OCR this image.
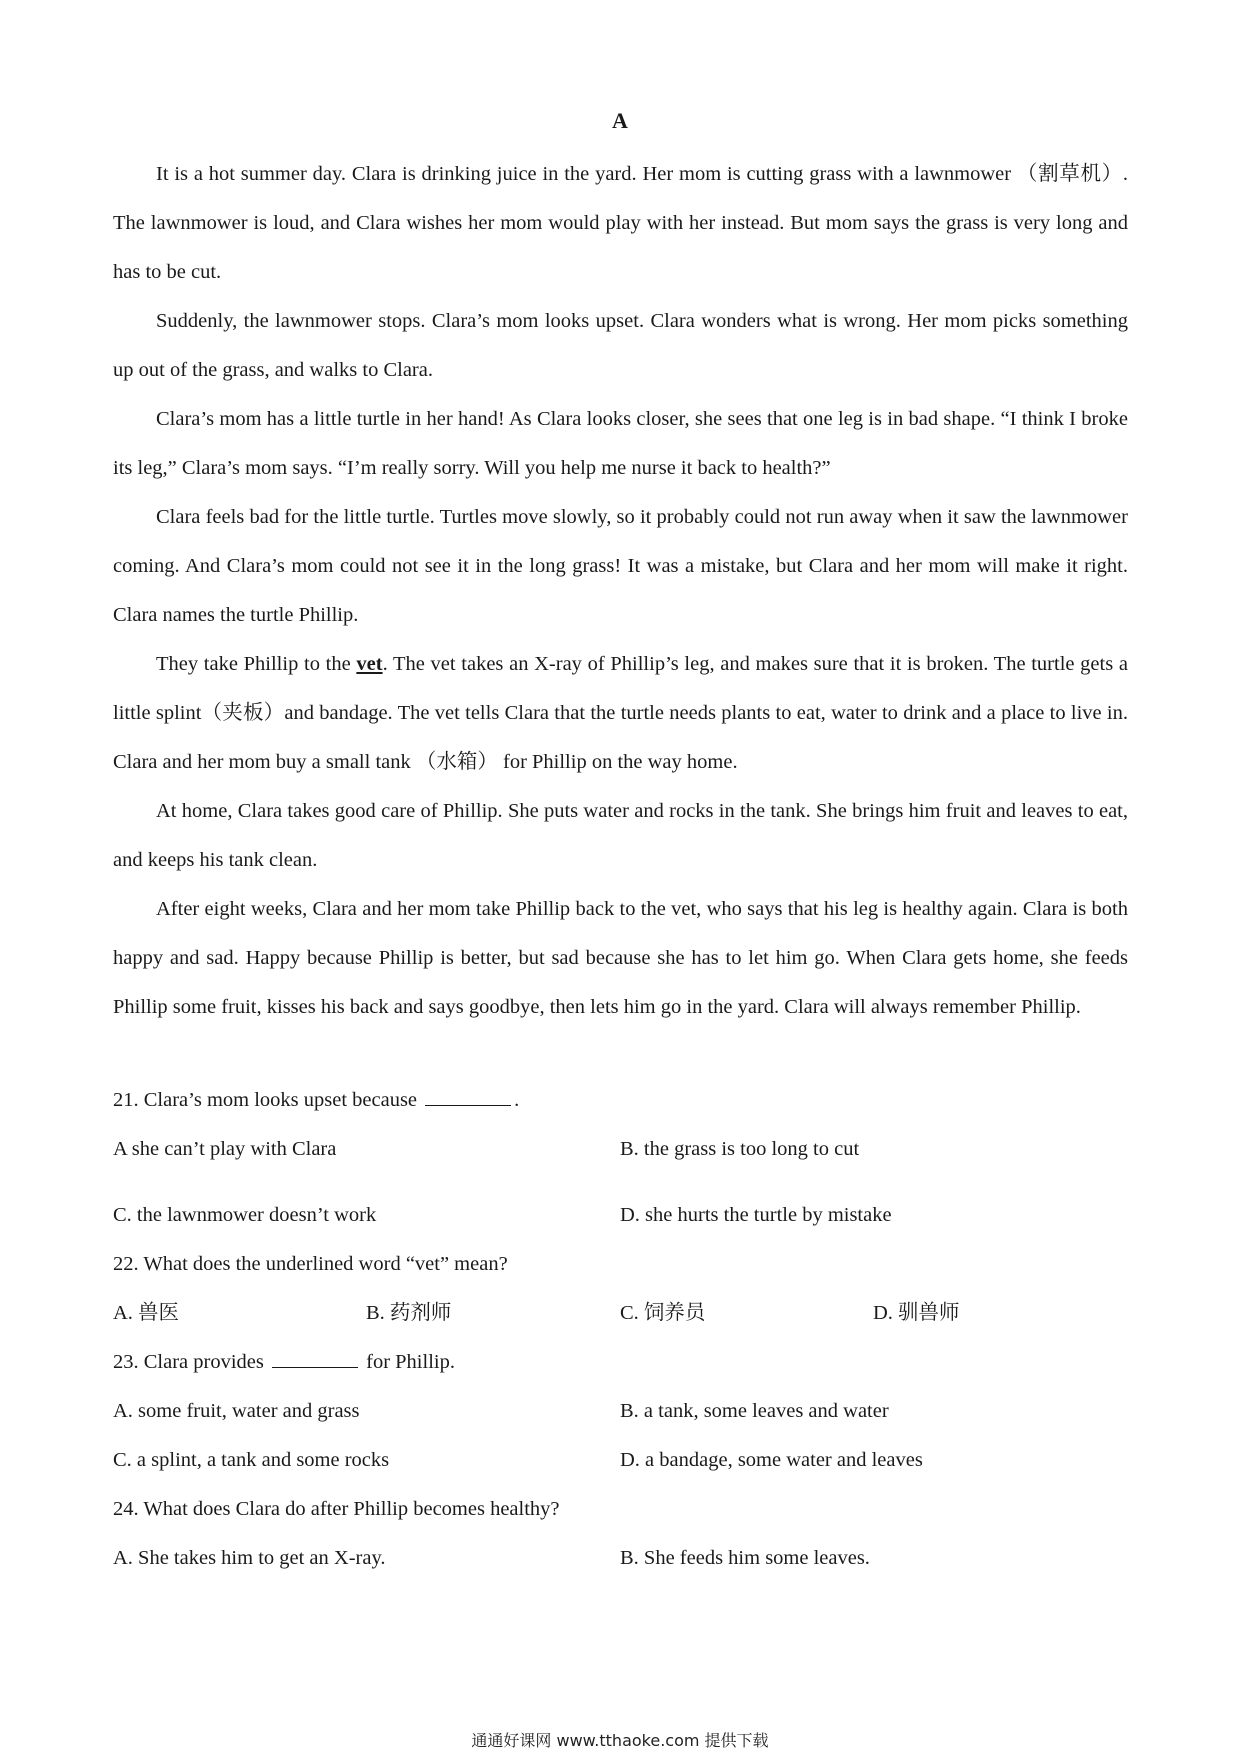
A

It is a hot summer day. Clara is drinking juice in the yard. Her mom is cutting grass with a lawnmower （割草机）. The lawnmower is loud, and Clara wishes her mom would play with her instead. But mom says the grass is very long and has to be cut.

Suddenly, the lawnmower stops. Clara’s mom looks upset. Clara wonders what is wrong. Her mom picks something up out of the grass, and walks to Clara.

Clara’s mom has a little turtle in her hand! As Clara looks closer, she sees that one leg is in bad shape. “I think I broke its leg,” Clara’s mom says. “I’m really sorry. Will you help me nurse it back to health?”

Clara feels bad for the little turtle. Turtles move slowly, so it probably could not run away when it saw the lawnmower coming. And Clara’s mom could not see it in the long grass! It was a mistake, but Clara and her mom will make it right. Clara names the turtle Phillip.

They take Phillip to the vet. The vet takes an X-ray of Phillip’s leg, and makes sure that it is broken. The turtle gets a little splint（夹板）and bandage. The vet tells Clara that the turtle needs plants to eat, water to drink and a place to live in. Clara and her mom buy a small tank （水箱） for Phillip on the way home.

At home, Clara takes good care of Phillip. She puts water and rocks in the tank. She brings him fruit and leaves to eat, and keeps his tank clean.

After eight weeks, Clara and her mom take Phillip back to the vet, who says that his leg is healthy again. Clara is both happy and sad. Happy because Phillip is better, but sad because she has to let him go. When Clara gets home, she feeds Phillip some fruit, kisses his back and says goodbye, then lets him go in the yard. Clara will always remember Phillip.

21. Clara’s mom looks upset because	.
A she can’t play with Clara	B. the grass is too long to cut
C. the lawnmower doesn’t work	D. she hurts the turtle by mistake
22. What does the underlined word “vet” mean?
A. 兽医	B. 药剂师	C. 饲养员	D. 驯兽师
23. Clara provides	for Phillip.
A. some fruit, water and grass	B. a tank, some leaves and water
C. a splint, a tank and some rocks	D. a bandage, some water and leaves
24. What does Clara do after Phillip becomes healthy?
A. She takes him to get an X-ray.	B. She feeds him some leaves.
通通好课网 www.tthaoke.com 提供下载
